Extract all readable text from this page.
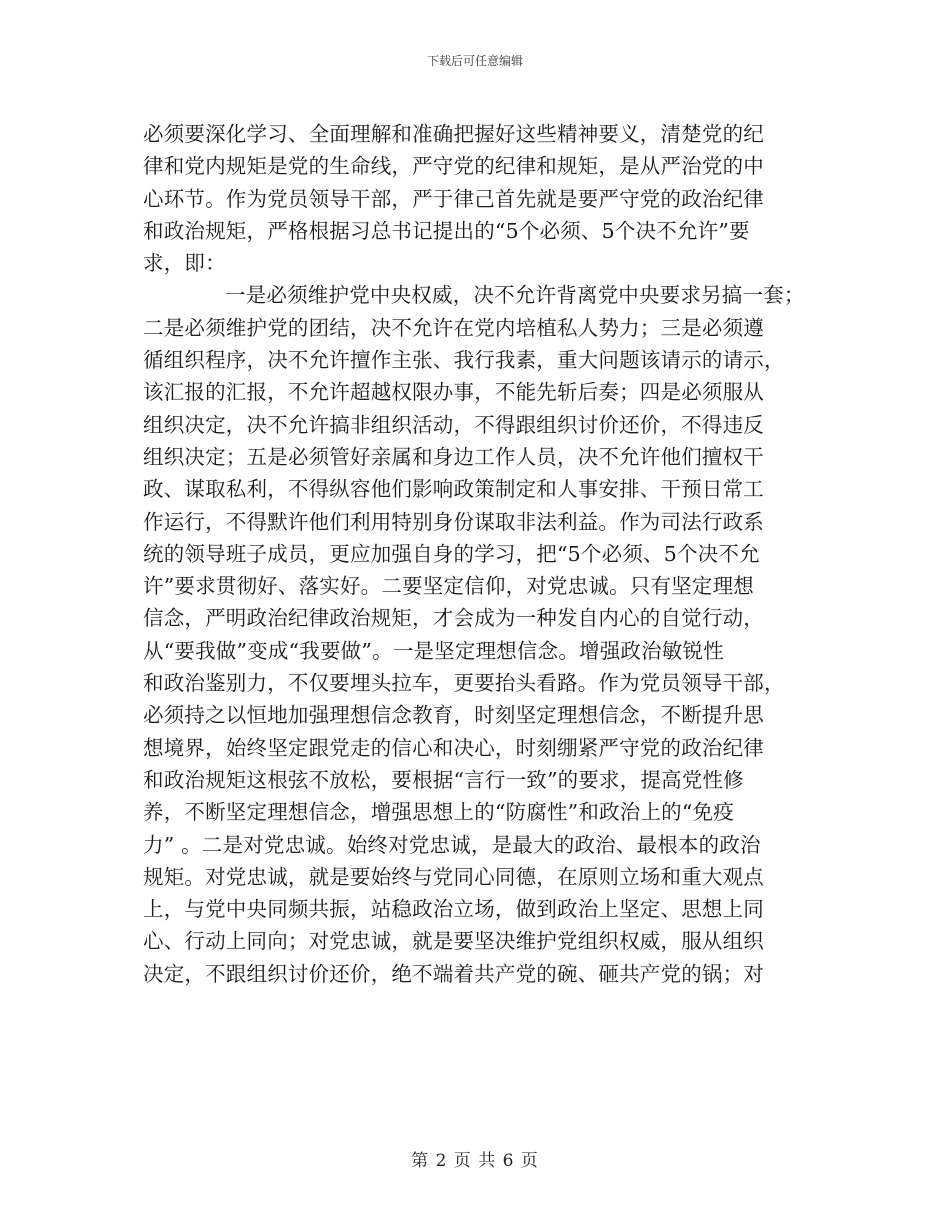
下载后可任意编辑
必须要深化学习、全面理解和准确把握好这些精神要义，清楚党的纪
律和党内规矩是党的生命线，严守党的纪律和规矩，是从严治党的中
心环节。作为党员领导干部，严于律己首先就是要严守党的政治纪律
和政治规矩，严格根据习总书记提出的“5个必须、5个决不允许”要
求，即：
一是必须维护党中央权威，决不允许背离党中央要求另搞一套；
二是必须维护党的团结，决不允许在党内培植私人势力；三是必须遵
循组织程序，决不允许擅作主张、我行我素，重大问题该请示的请示，
该汇报的汇报，不允许超越权限办事，不能先斩后奏；四是必须服从
组织决定，决不允许搞非组织活动，不得跟组织讨价还价，不得违反
组织决定；五是必须管好亲属和身边工作人员，决不允许他们擅权干
政、谋取私利，不得纵容他们影响政策制定和人事安排、干预日常工
作运行，不得默许他们利用特别身份谋取非法利益。作为司法行政系
统的领导班子成员，更应加强自身的学习，把“5个必须、5个决不允
许”要求贯彻好、落实好。二要坚定信仰，对党忠诚。只有坚定理想
信念，严明政治纪律政治规矩，才会成为一种发自内心的自觉行动，
从“要我做”变成“我要做”。一是坚定理想信念。增强政治敏锐性
和政治鉴别力，不仅要埋头拉车，更要抬头看路。作为党员领导干部，
必须持之以恒地加强理想信念教育，时刻坚定理想信念，不断提升思
想境界，始终坚定跟党走的信心和决心，时刻绷紧严守党的政治纪律
和政治规矩这根弦不放松，要根据“言行一致”的要求，提高党性修
养，不断坚定理想信念，增强思想上的“防腐性”和政治上的“免疫
力” 。二是对党忠诚。始终对党忠诚，是最大的政治、最根本的政治
规矩。对党忠诚，就是要始终与党同心同德，在原则立场和重大观点
上，与党中央同频共振，站稳政治立场，做到政治上坚定、思想上同
心、行动上同向；对党忠诚，就是要坚决维护党组织权威，服从组织
决定，不跟组织讨价还价，绝不端着共产党的碗、砸共产党的锅；对
第 2 页 共 6 页
